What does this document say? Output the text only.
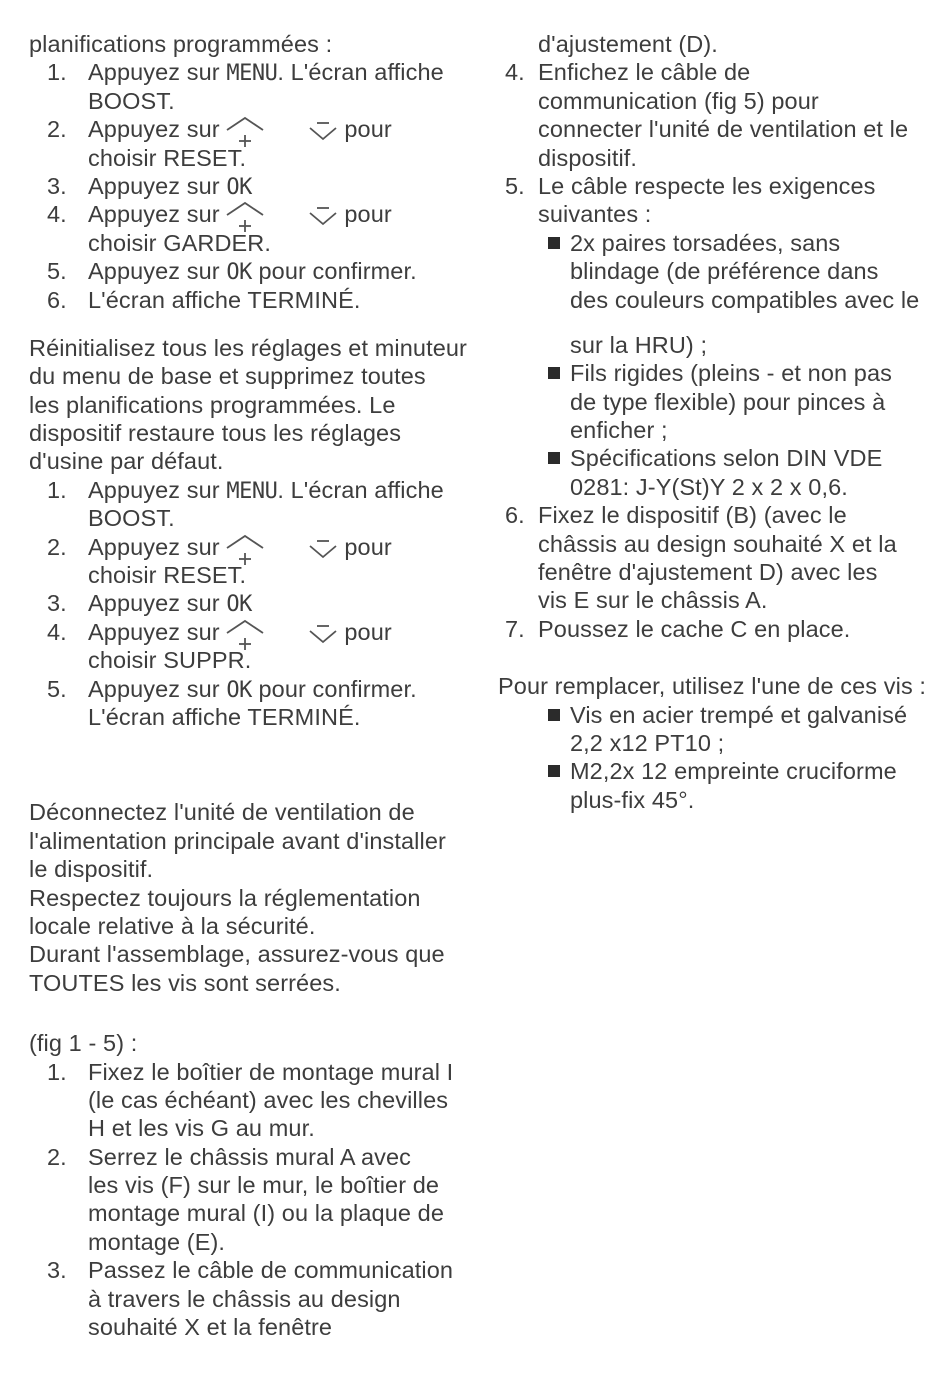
planifications programmées :
1. Appuyez sur MENU. L'écran affiche
BOOST.
2. Appuyez sur	pour
choisir RESET.
3. Appuyez sur OK
4. Appuyez sur	pour
choisir GARDER.
5. Appuyez sur OK pour confirmer.
6. L'écran affiche TERMINÉ.
Réinitialisez tous les réglages et minuteur
du menu de base et supprimez toutes
les planifications programmées. Le
dispositif restaure tous les réglages
d'usine par défaut.
1. Appuyez sur MENU. L'écran affiche
BOOST.
2. Appuyez sur	pour
choisir RESET.
3. Appuyez sur OK
4. Appuyez sur	pour
choisir SUPPR.
5. Appuyez sur OK pour confirmer.
L'écran affiche TERMINÉ.
Déconnectez l'unité de ventilation de
l'alimentation principale avant d'installer
le dispositif.
Respectez toujours la réglementation
locale relative à la sécurité.
Durant l'assemblage, assurez-vous que
TOUTES les vis sont serrées.
(fig 1 - 5) :
1. Fixez le boîtier de montage mural I
(le cas échéant) avec les chevilles
H et les vis G au mur.
2. Serrez le châssis mural A avec
les vis (F) sur le mur, le boîtier de
montage mural (I) ou la plaque de
montage (E).
3. Passez le câble de communication
à travers le châssis au design
souhaité X et la fenêtre
d'ajustement (D).
4. Enfichez le câble de
communication (fig 5) pour
connecter l'unité de ventilation et le
dispositif.
5. Le câble respecte les exigences
suivantes :
2x paires torsadées, sans
blindage (de préférence dans
des couleurs compatibles avec le
sur la HRU) ;
Fils rigides (pleins - et non pas
de type flexible) pour pinces à
enficher ;
Spécifications selon DIN VDE
0281: J-Y(St)Y 2 x 2 x 0,6.
6. Fixez le dispositif (B) (avec le
châssis au design souhaité X et la
fenêtre d'ajustement D) avec les
vis E sur le châssis A.
7. Poussez le cache C en place.
Pour remplacer, utilisez l'une de ces vis :
Vis en acier trempé et galvanisé
2,2 x12 PT10 ;
M2,2x 12 empreinte cruciforme
plus-fix 45°.
